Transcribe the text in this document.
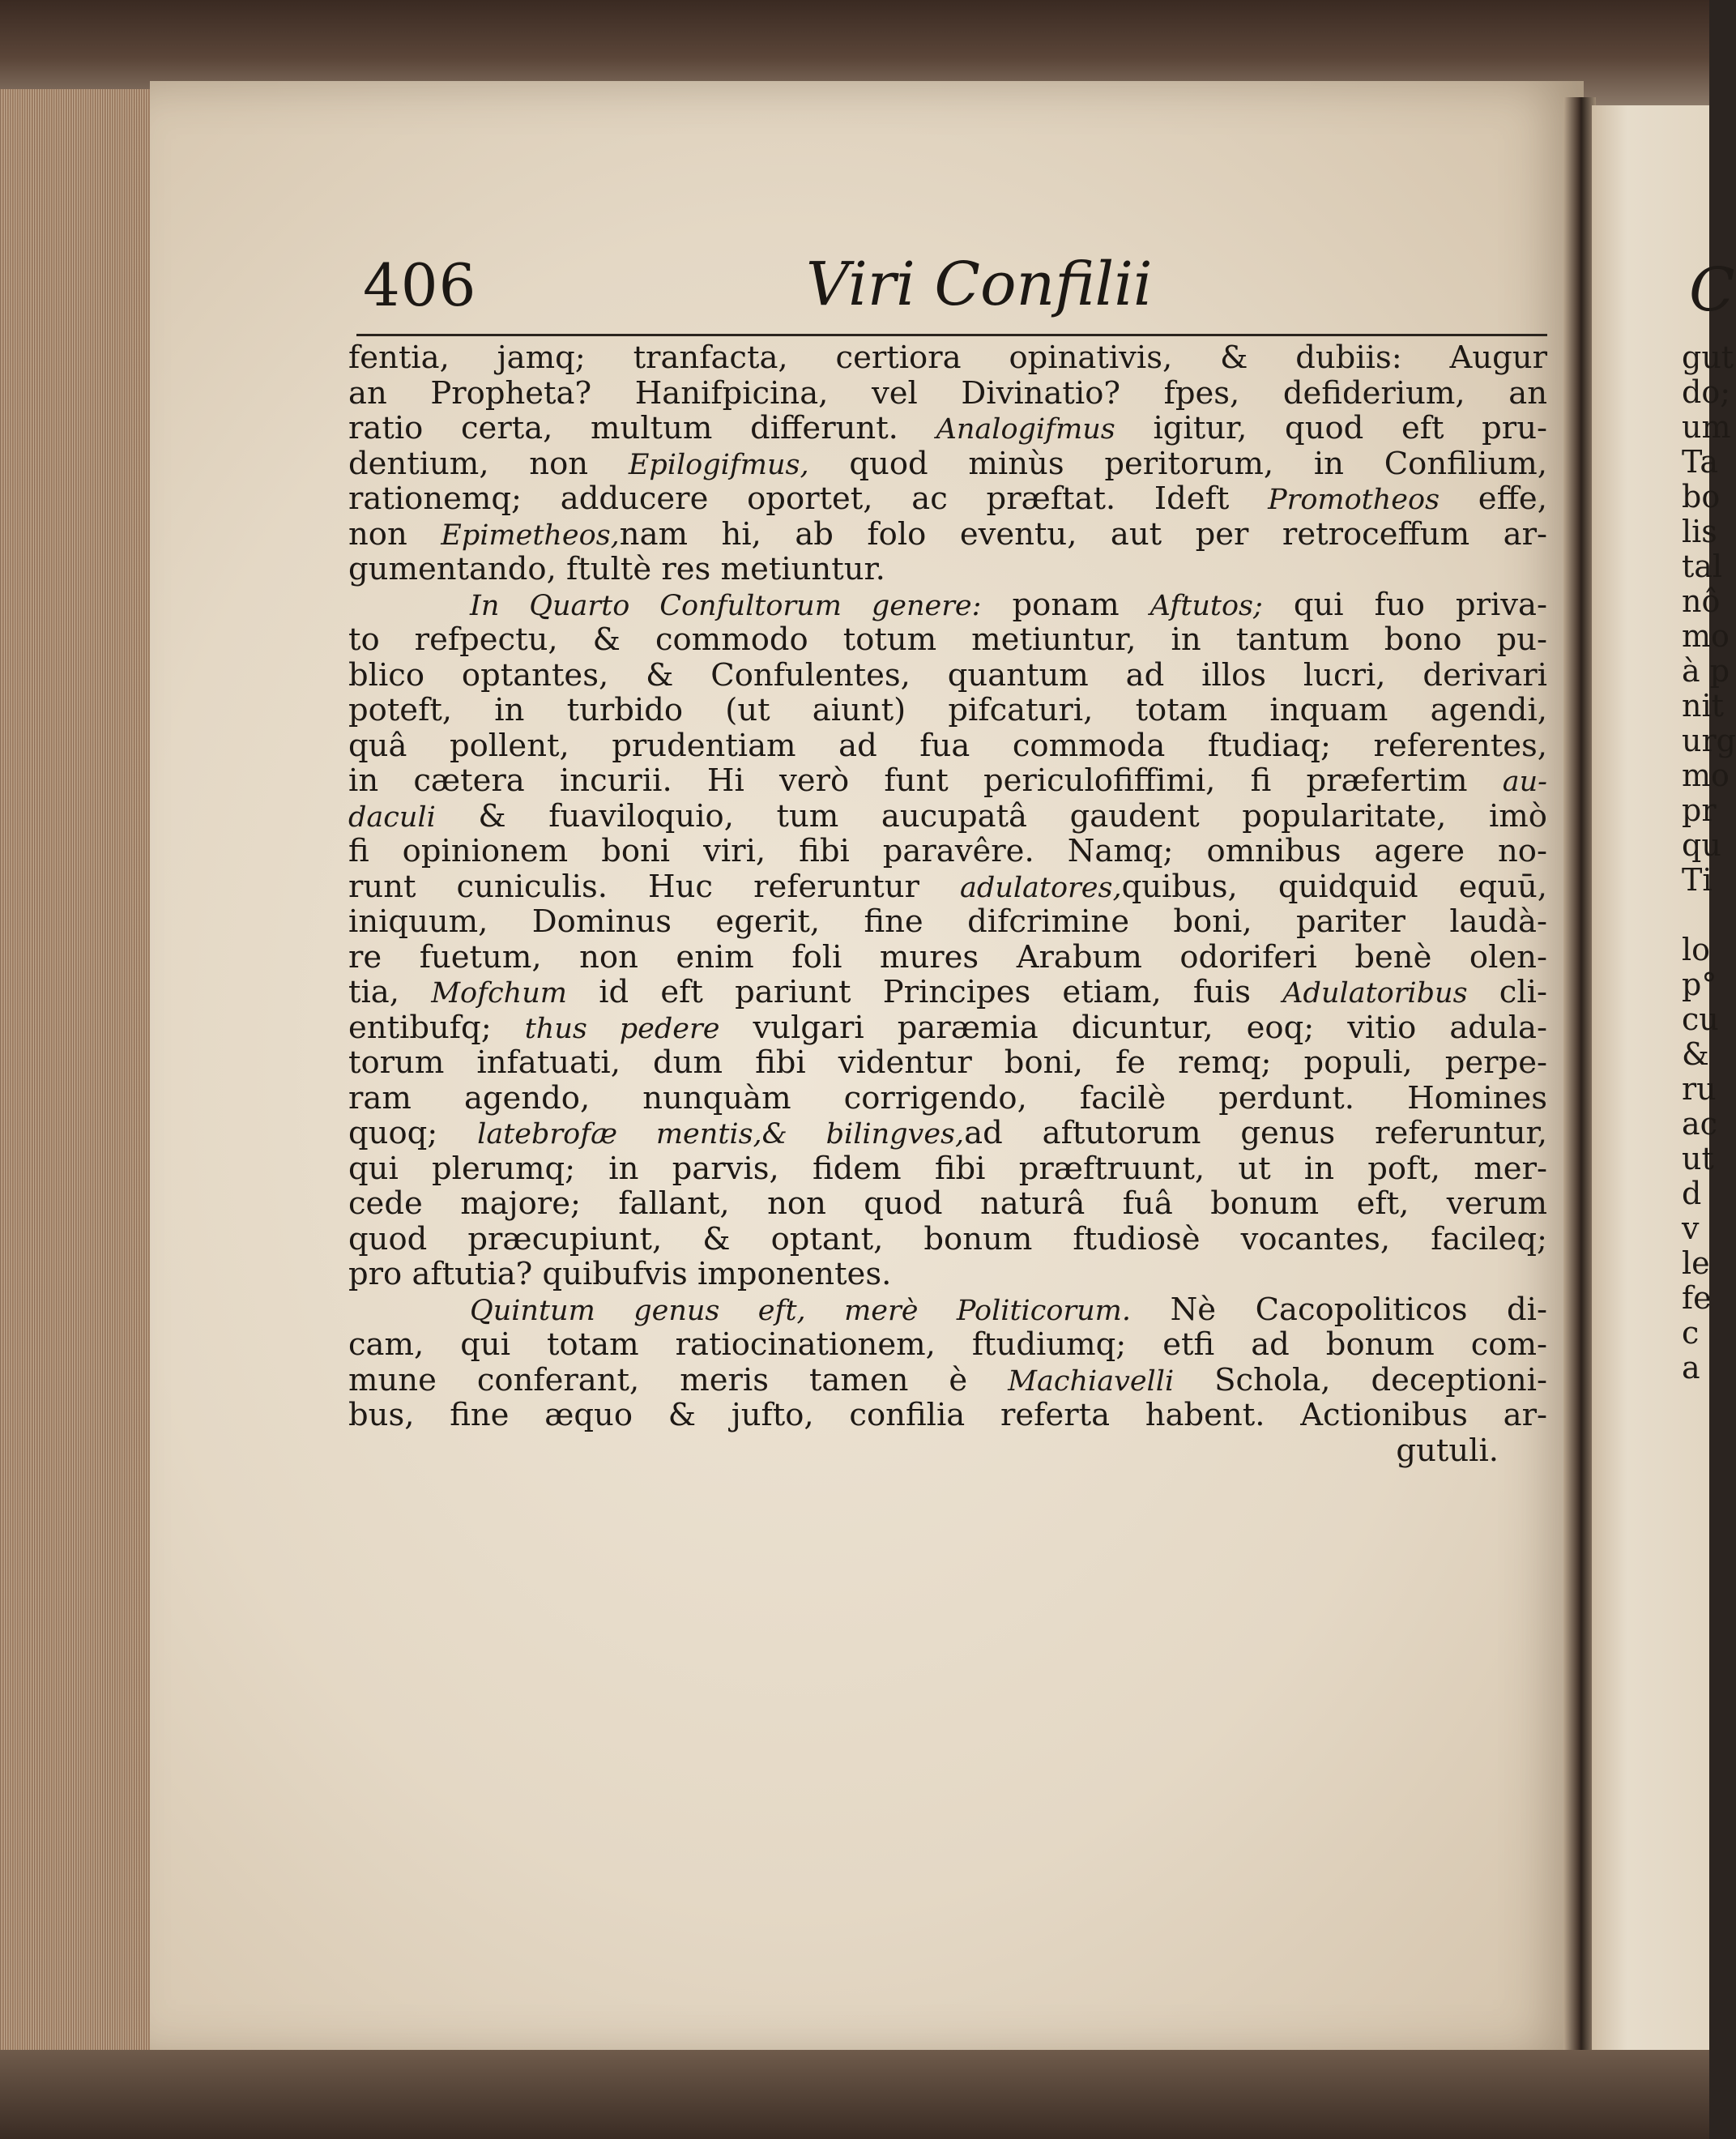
C
gut
do;
um
Ta
bo
lis
tal
nô
mo
à p
nit
urg
mo
pr
qu
Ti
lo
p°
cu
&
ru
ac
ut
d
v
le
fe
c
a
406	Viri Confilii
fentia, jamq; tranfacta, certiora opinativis, & dubiis: Augur
an Propheta? Hanifpicina, vel Divinatio? fpes, defiderium, an
ratio certa, multum differunt. Analogifmus igitur, quod eft pru-
dentium, non Epilogifmus, quod minùs peritorum, in Confilium,
rationemq; adducere oportet, ac præftat. Ideft Promotheos effe,
non Epimetheos,nam hi, ab folo eventu, aut per retroceffum ar-
gumentando, ftultè res metiuntur.
In Quarto Confultorum genere: ponam Aftutos; qui fuo priva-
to refpectu, & commodo totum metiuntur, in tantum bono pu-
blico optantes, & Confulentes, quantum ad illos lucri, derivari
poteft, in turbido (ut aiunt) pifcaturi, totam inquam agendi,
quâ pollent, prudentiam ad fua commoda ftudiaq; referentes,
in cætera incurii. Hi verò funt periculofiffimi, fi præfertim au-
daculi & fuaviloquio, tum aucupatâ gaudent popularitate, imò
fi opinionem boni viri, fibi paravêre. Namq; omnibus agere no-
runt cuniculis. Huc referuntur adulatores,quibus, quidquid equū,
iniquum, Dominus egerit, fine difcrimine boni, pariter laudà-
re fuetum, non enim foli mures Arabum odoriferi benè olen-
tia, Mofchum id eft pariunt Principes etiam, fuis Adulatoribus cli-
entibufq; thus pedere vulgari paræmia dicuntur, eoq; vitio adula-
torum infatuati, dum fibi videntur boni, fe remq; populi, perpe-
ram agendo, nunquàm corrigendo, facilè perdunt. Homines
quoq; latebrofæ mentis,& bilingves,ad aftutorum genus referuntur,
qui plerumq; in parvis, fidem fibi præftruunt, ut in poft, mer-
cede majore; fallant, non quod naturâ fuâ bonum eft, verum
quod præcupiunt, & optant, bonum ftudiosè vocantes, facileq;
pro aftutia? quibufvis imponentes.
Quintum genus eft, merè Politicorum. Nè Cacopoliticos di-
cam, qui totam ratiocinationem, ftudiumq; etfi ad bonum com-
mune conferant, meris tamen è Machiavelli Schola, deceptioni-
bus, fine æquo & jufto, confilia referta habent. Actionibus ar-
gutuli.
